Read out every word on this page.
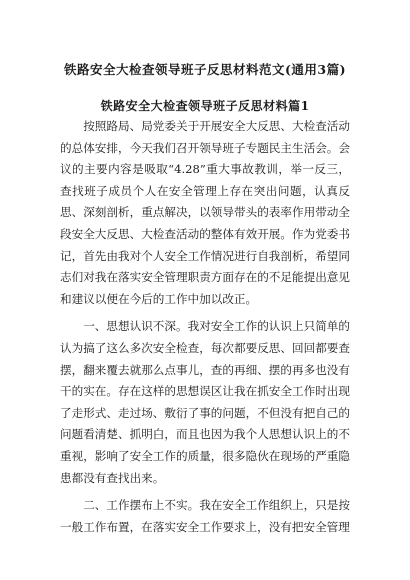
铁路安全大检查领导班子反思材料范文(通用3篇)
铁路安全大检查领导班子反思材料篇1

按照路局、局党委关于开展安全大反思、大检查活动的总体安排，今天我们召开领导班子专题民主生活会。会议的主要内容是吸取“4.28”重大事故教训，举一反三，查找班子成员个人在安全管理上存在突出问题，认真反思、深刻剖析，重点解决，以领导带头的表率作用带动全段安全大反思、大检查活动的整体有效开展。作为党委书记，首先由我对个人安全工作情况进行自我剖析，希望同志们对我在落实安全管理职责方面存在的不足能提出意见和建议以便在今后的工作中加以改正。

一、思想认识不深。我对安全工作的认识上只简单的认为搞了这么多次安全检查，每次都要反思、回回都要查摆，翻来覆去就那么点事儿，查的再细、摆的再多也没有干的实在。存在这样的思想误区让我在抓安全工作时出现了走形式、走过场、敷衍了事的问题，不但没有把自己的问题看清楚、抓明白，而且也因为我个人思想认识上的不重视，影响了安全工作的质量，很多隐伙在现场的严重隐患都没有查找出来。

二、工作摆布上不实。我在安全工作组织上，只是按一般工作布置，在落实安全工作要求上，没有把安全管理
